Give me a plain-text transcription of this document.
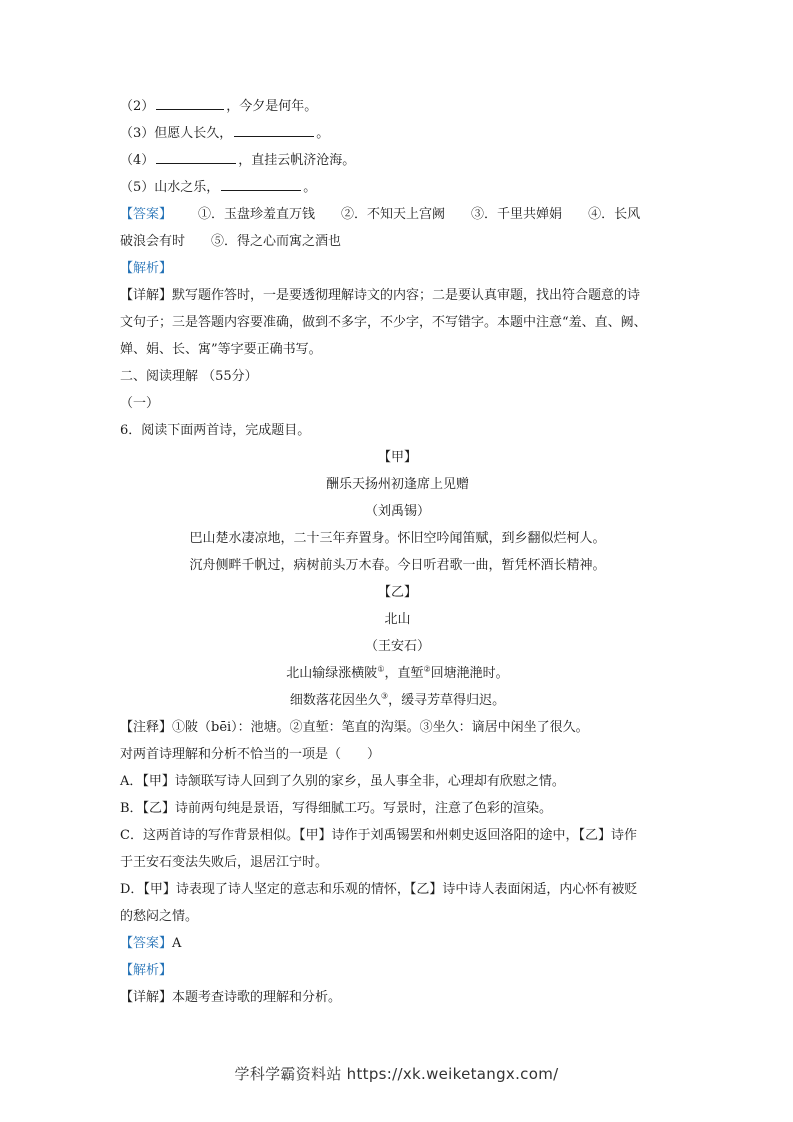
（2）	，今夕是何年。
（3）但愿人长久，	。
（4）	，直挂云帆济沧海。
（5）山水之乐，	。
【答案】 ①．玉盘珍羞直万钱 ②．不知天上宫阙 ③．千里共婵娟 ④．长风
破浪会有时 ⑤．得之心而寓之酒也
【解析】
【详解】默写题作答时，一是要透彻理解诗文的内容；二是要认真审题，找出符合题意的诗
文句子；三是答题内容要准确，做到不多字，不少字，不写错字。本题中注意“羞、直、阙、
婵、娟、长、寓”等字要正确书写。
二、阅读理解 （55分）
（一）
6．阅读下面两首诗，完成题目。
【甲】
酬乐天扬州初逢席上见赠
（刘禹锡）
巴山楚水凄凉地，二十三年弃置身。怀旧空吟闻笛赋，到乡翻似烂柯人。
沉舟侧畔千帆过，病树前头万木春。今日听君歌一曲，暂凭杯酒长精神。
【乙】
北山
（王安石）
北山输绿涨横陂①，直堑②回塘滟滟时。
细数落花因坐久③，缓寻芳草得归迟。
【注释】①陂（bēi）：池塘。②直堑：笔直的沟渠。③坐久：谪居中闲坐了很久。
对两首诗理解和分析不恰当的一项是（　　）
A．【甲】诗颔联写诗人回到了久别的家乡，虽人事全非，心理却有欣慰之情。
B．【乙】诗前两句纯是景语，写得细腻工巧。写景时，注意了色彩的渲染。
C．这两首诗的写作背景相似。【甲】诗作于刘禹锡罢和州刺史返回洛阳的途中，【乙】诗作
于王安石变法失败后，退居江宁时。
D．【甲】诗表现了诗人坚定的意志和乐观的情怀，【乙】诗中诗人表面闲适，内心怀有被贬
的愁闷之情。
【答案】A
【解析】
【详解】本题考查诗歌的理解和分析。
学科学霸资料站 https://xk.weiketangx.com/
